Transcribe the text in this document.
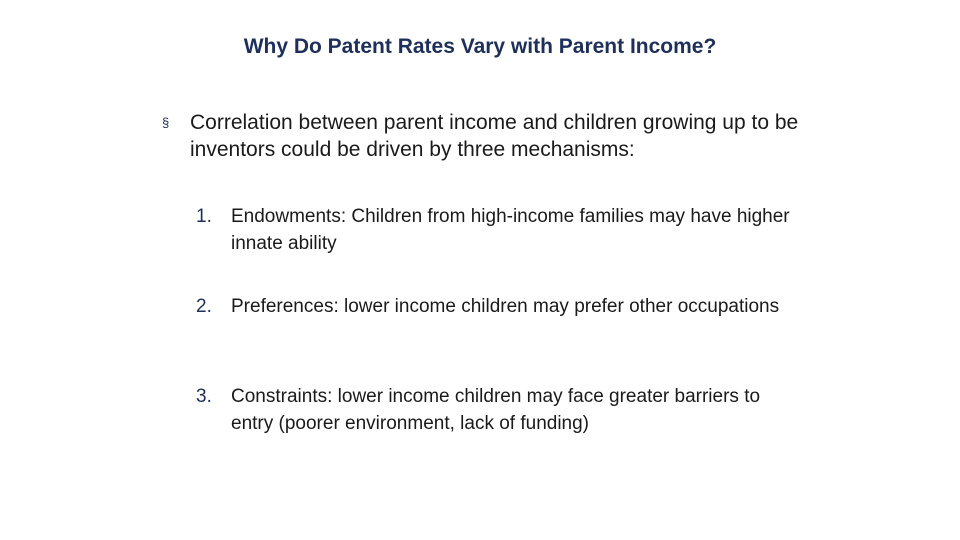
Why Do Patent Rates Vary with Parent Income?
§ Correlation between parent income and children growing up to be inventors could be driven by three mechanisms:
1.	Endowments: Children from high-income families may have higher innate ability
2.	Preferences: lower income children may prefer other occupations
3.	Constraints: lower income children may face greater barriers to entry (poorer environment, lack of funding)
